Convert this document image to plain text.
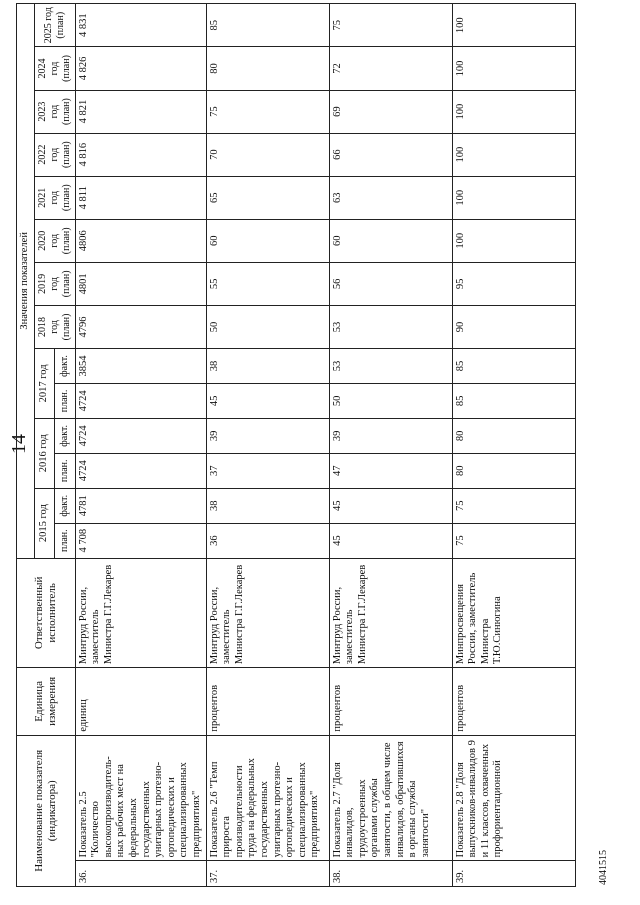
14
Наименование показателя (индикатора)		Единица измерения	Ответственный исполнитель	Значения показателей													
				2015 год		2016 год		2017 год		2018 год (план)	2019 год (план)	2020 год (план)	2021 год (план)	2022 год (план)	2023 год (план)	2024 год (план)	2025 год (план)
				план.	факт.	план.	факт.	план.	факт.								
36.	Показатель 2.5 "Количество высокопроизводитель-ных рабочих мест на федеральных государственных унитарных протезно-ортопедических и специализированных предприятиях"	единиц	Минтруд России, заместитель Министра Г.Г.Лекарев	4 708	4781	4724	4724	4724	3854	4796	4801	4806	4 811	4 816	4 821	4 826	4 831
37.	Показатель 2.6 "Темп прироста производительности труда на федеральных государственных унитарных протезно-ортопедических и специализированных предприятиях"	процентов	Минтруд России, заместитель Министра Г.Г.Лекарев	36	38	37	39	45	38	50	55	60	65	70	75	80	85
38.	Показатель 2.7 "Доля инвалидов, трудоустроенных органами службы занятости, в общем числе инвалидов, обратившихся в органы службы занятости"	процентов	Минтруд России, заместитель Министра Г.Г.Лекарев	45	45	47	39	50	53	53	56	60	63	66	69	72	75
39.	Показатель 2.8 "Доля выпускников-инвалидов 9 и 11 классов, охваченных профориентационной	процентов	Минпросвещения России, заместитель Министра Т.Ю.Синюгина	75	75	80	80	85	85	90	95	100	100	100	100	100	100
4041515
